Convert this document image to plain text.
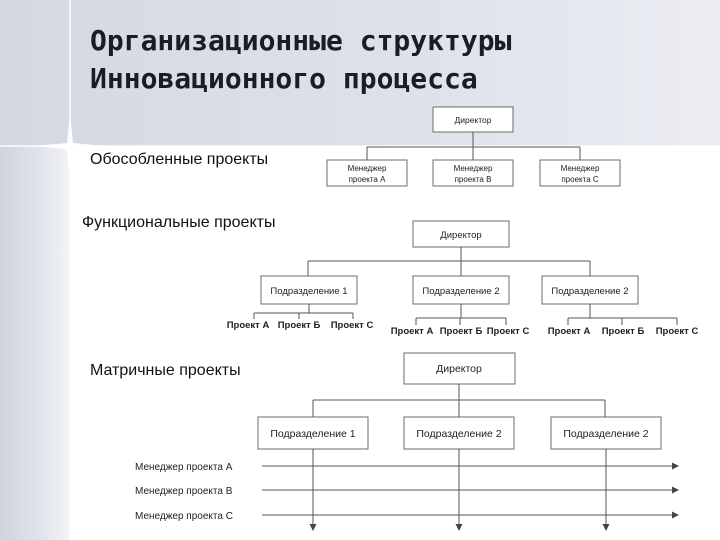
Организационные структуры
Инновационного процесса
Обособленные проекты
Функциональные проекты
Матричные проекты
Директор
Менеджер
проекта А
Менеджер
проекта В
Менеджер
проекта С
Директор
Подразделение 1	Подразделение 2	Подразделение 2
Проект А Проект Б Проект С
Проект А Проект Б Проект С Проект А Проект Б Проект С
Директор
Подразделение 1	Подразделение 2	Подразделение 2
Менеджер проекта А
Менеджер проекта В
Менеджер проекта С
